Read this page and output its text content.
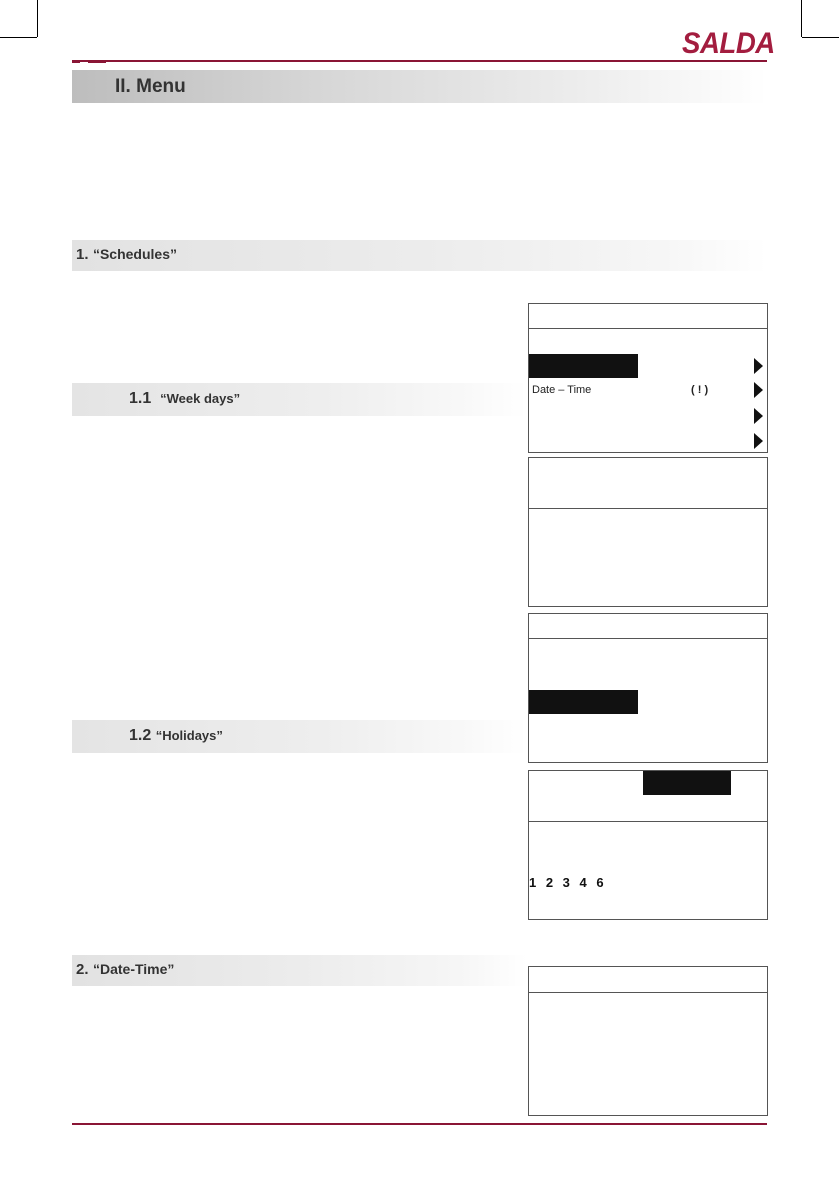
SALDA
II. Menu
1. “Schedules”
1.1 “Week days”
1.2 “Holidays”
2. “Date-Time”
Date – Time	( ! )
1 2 3 4 6
